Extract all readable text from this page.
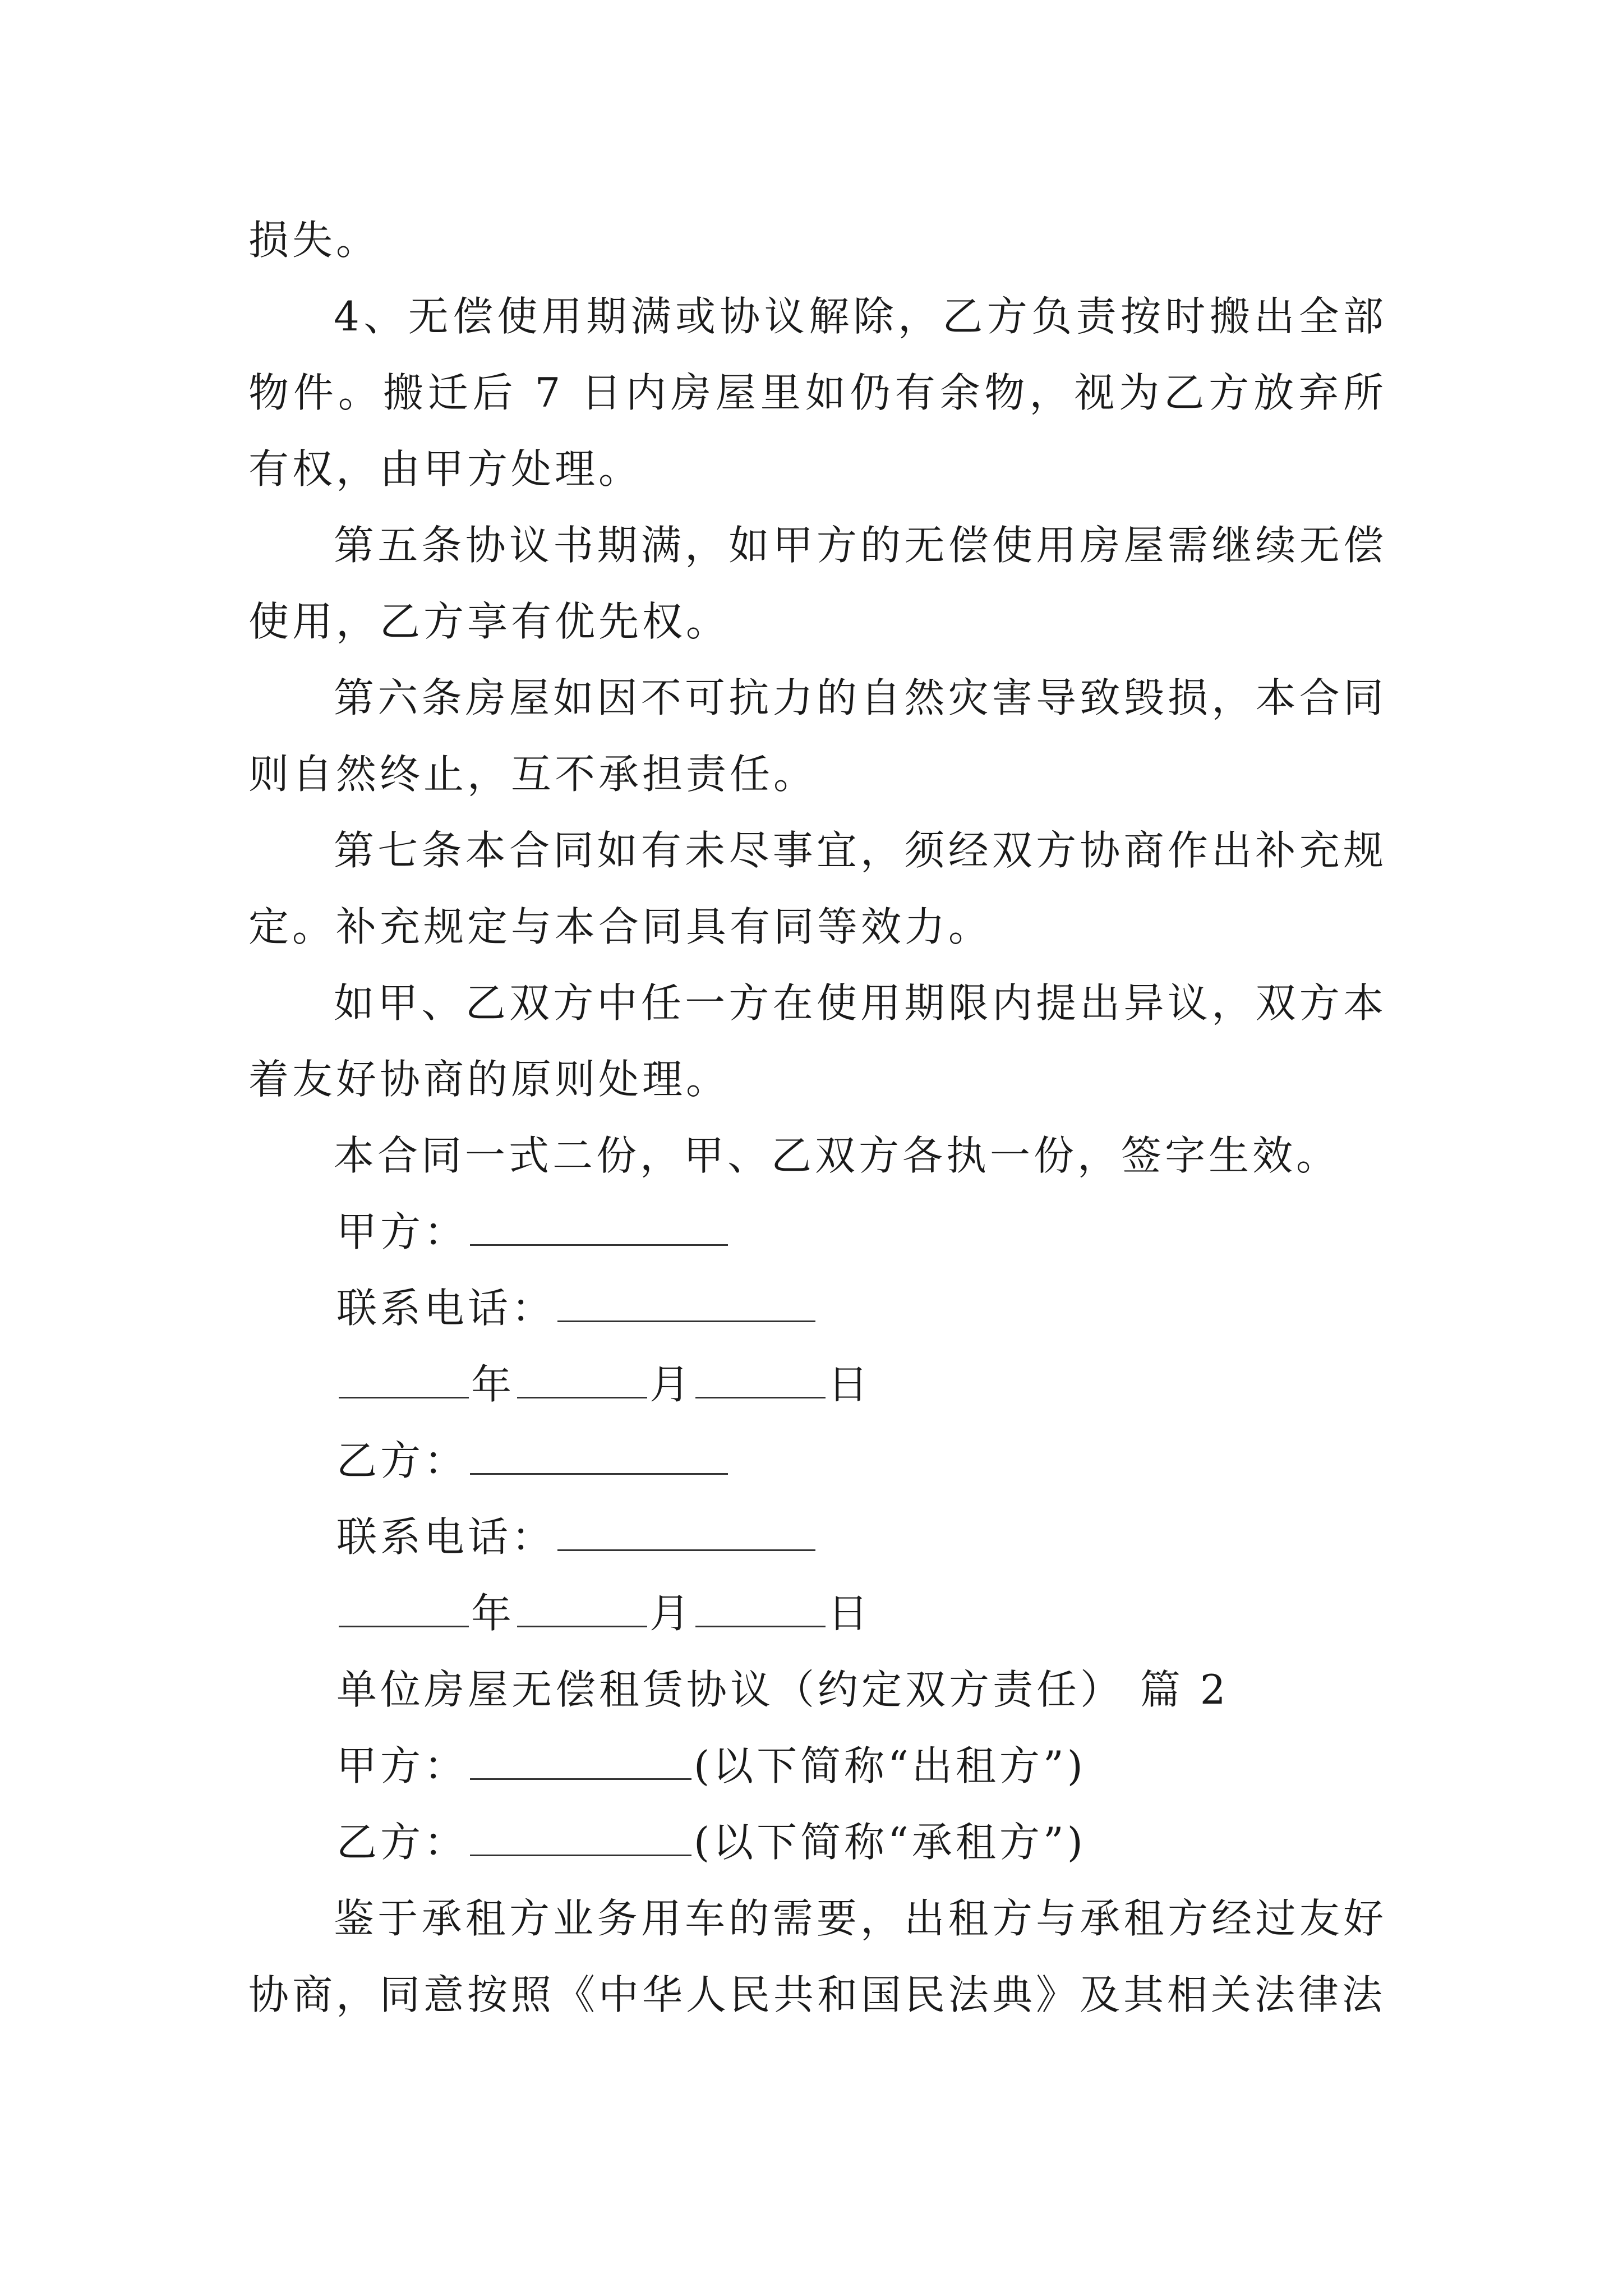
损失。

4、无偿使用期满或协议解除，乙方负责按时搬出全部物件。搬迁后 7 日内房屋里如仍有余物，视为乙方放弃所有权，由甲方处理。

第五条协议书期满，如甲方的无偿使用房屋需继续无偿使用，乙方享有优先权。

第六条房屋如因不可抗力的自然灾害导致毁损，本合同则自然终止，互不承担责任。

第七条本合同如有未尽事宜，须经双方协商作出补充规定。补充规定与本合同具有同等效力。

如甲、乙双方中任一方在使用期限内提出异议，双方本着友好协商的原则处理。

本合同一式二份，甲、乙双方各执一份，签字生效。

甲方：
联系电话：
年	月	日
乙方：
联系电话：
年	月	日
单位房屋无偿租赁协议（约定双方责任） 篇 2
甲方：	(以下简称“出租方”)
乙方：	(以下简称“承租方”)

鉴于承租方业务用车的需要，出租方与承租方经过友好协商，同意按照《中华人民共和国民法典》及其相关法律法
